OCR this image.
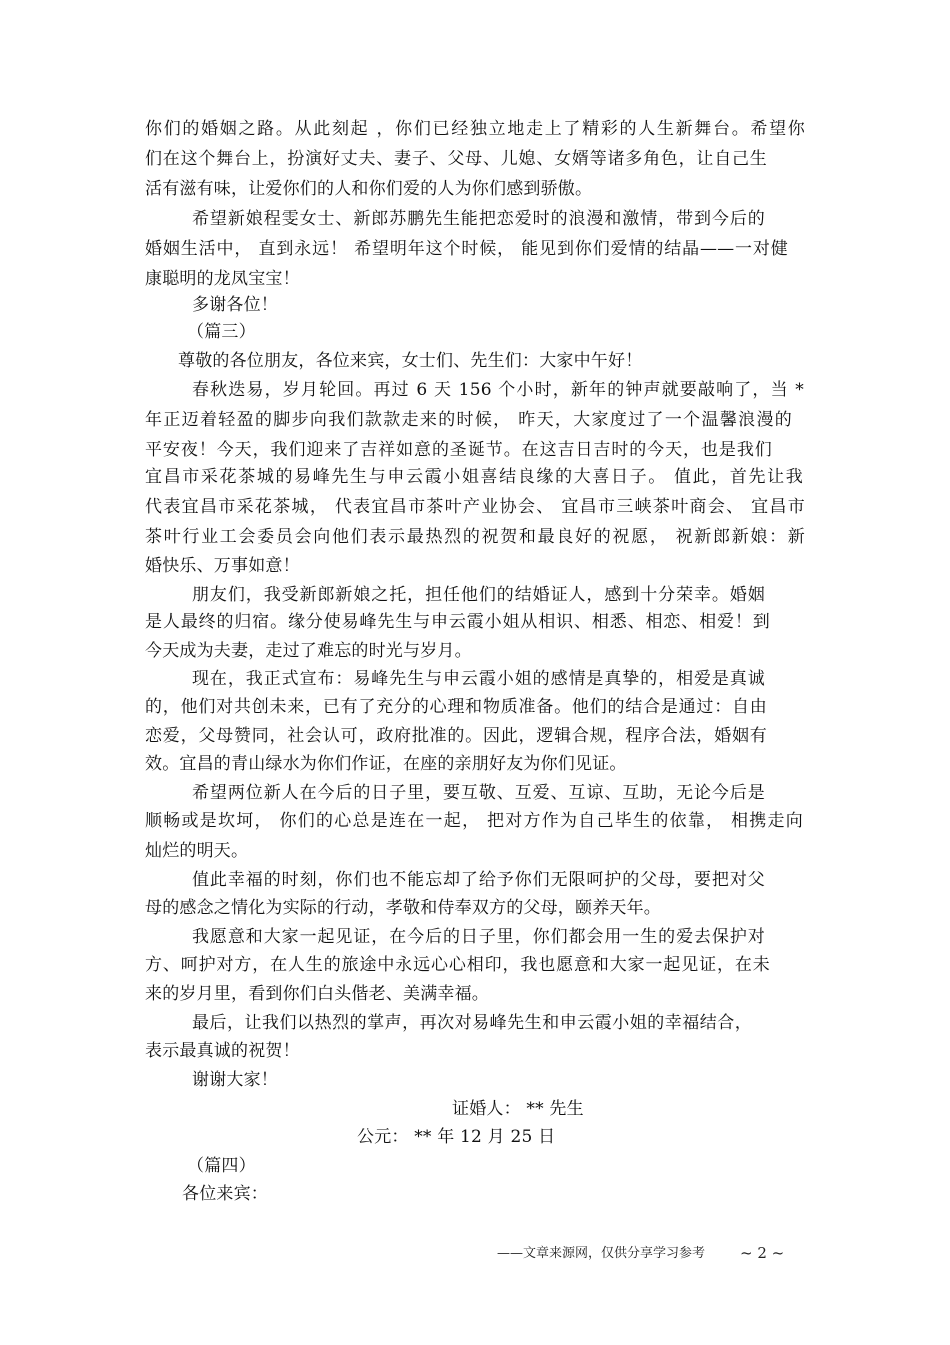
你们的婚姻之路。从此刻起 ，你们已经独立地走上了精彩的人生新舞台。希望你
们在这个舞台上，扮演好丈夫、妻子、父母、儿媳、女婿等诸多角色，让自己生
活有滋有味，让爱你们的人和你们爱的人为你们感到骄傲。
希望新娘程雯女士、新郎苏鹏先生能把恋爱时的浪漫和激情，带到今后的
婚姻生活中， 直到永远！ 希望明年这个时候， 能见到你们爱情的结晶——一对健
康聪明的龙凤宝宝！
多谢各位！
（篇三）
尊敬的各位朋友，各位来宾，女士们、先生们：大家中午好！
春秋迭易，岁月轮回。再过 6 天 156 个小时，新年的钟声就要敲响了，当 *
年正迈着轻盈的脚步向我们款款走来的时候， 昨天，大家度过了一个温馨浪漫的
平安夜！今天，我们迎来了吉祥如意的圣诞节。在这吉日吉时的今天，也是我们
宜昌市采花茶城的易峰先生与申云霞小姐喜结良缘的大喜日子。 值此，首先让我
代表宜昌市采花茶城， 代表宜昌市茶叶产业协会、 宜昌市三峡茶叶商会、 宜昌市
茶叶行业工会委员会向他们表示最热烈的祝贺和最良好的祝愿， 祝新郎新娘：新
婚快乐、万事如意！
朋友们，我受新郎新娘之托，担任他们的结婚证人，感到十分荣幸。婚姻
是人最终的归宿。缘分使易峰先生与申云霞小姐从相识、相悉、相恋、相爱！到
今天成为夫妻，走过了难忘的时光与岁月。
现在，我正式宣布：易峰先生与申云霞小姐的感情是真挚的，相爱是真诚
的，他们对共创未来，已有了充分的心理和物质准备。他们的结合是通过：自由
恋爱，父母赞同，社会认可，政府批准的。因此，逻辑合规，程序合法，婚姻有
效。宜昌的青山绿水为你们作证，在座的亲朋好友为你们见证。
希望两位新人在今后的日子里，要互敬、互爱、互谅、互助，无论今后是
顺畅或是坎坷， 你们的心总是连在一起， 把对方作为自己毕生的依靠， 相携走向
灿烂的明天。
值此幸福的时刻，你们也不能忘却了给予你们无限呵护的父母，要把对父
母的感念之情化为实际的行动，孝敬和侍奉双方的父母，颐养天年。
我愿意和大家一起见证，在今后的日子里，你们都会用一生的爱去保护对
方、呵护对方，在人生的旅途中永远心心相印，我也愿意和大家一起见证，在未
来的岁月里，看到你们白头偕老、美满幸福。
最后，让我们以热烈的掌声，再次对易峰先生和申云霞小姐的幸福结合，
表示最真诚的祝贺！
谢谢大家！
证婚人： ** 先生
公元： ** 年 12 月 25 日
（篇四）
各位来宾：
——文章来源网，仅供分享学习参考 ~ 2 ~
